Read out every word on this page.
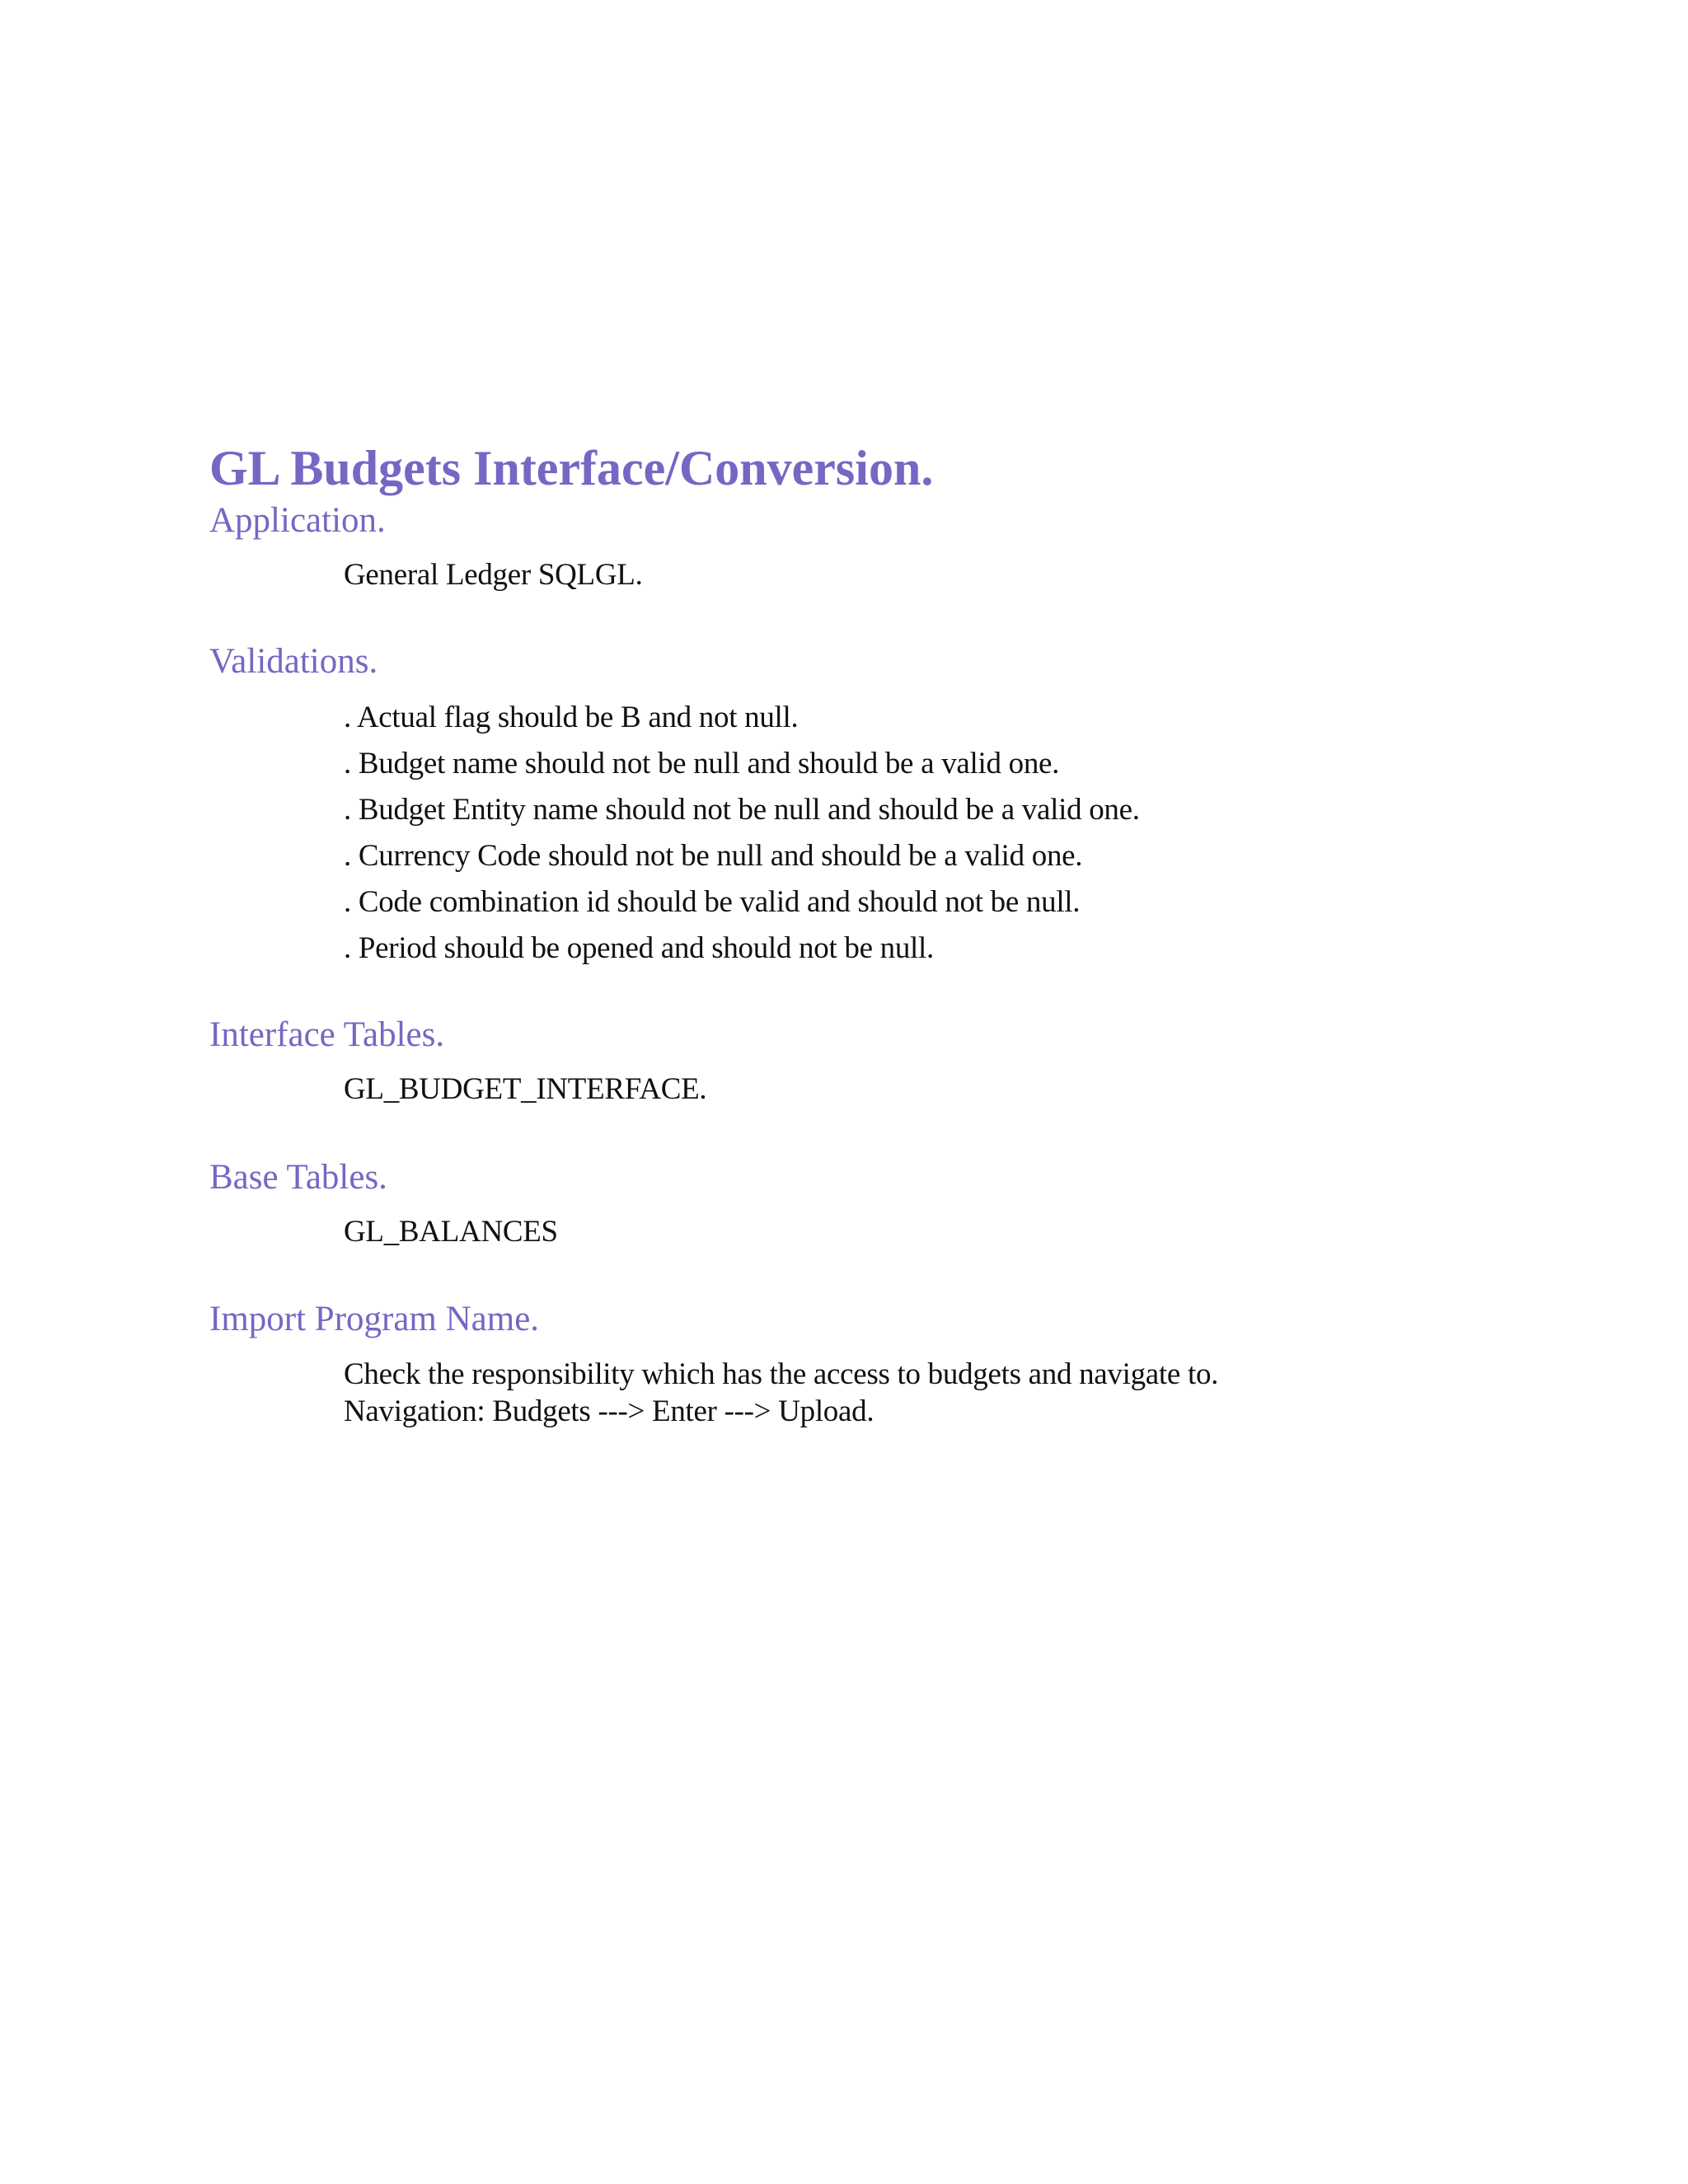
GL Budgets Interface/Conversion.
Application.

General Ledger SQLGL.

Validations.

. Actual flag should be B and not null.

. Budget name should not be null and should be a valid one.

. Budget Entity name should not be null and should be a valid one.

. Currency Code should not be null and should be a valid one.

. Code combination id should be valid and should not be null.

. Period should be opened and should not be null.

Interface Tables.

GL_BUDGET_INTERFACE.

Base Tables.

GL_BALANCES

Import Program Name.

Check the responsibility which has the access to budgets and navigate to.

Navigation: Budgets ---> Enter ---> Upload.
